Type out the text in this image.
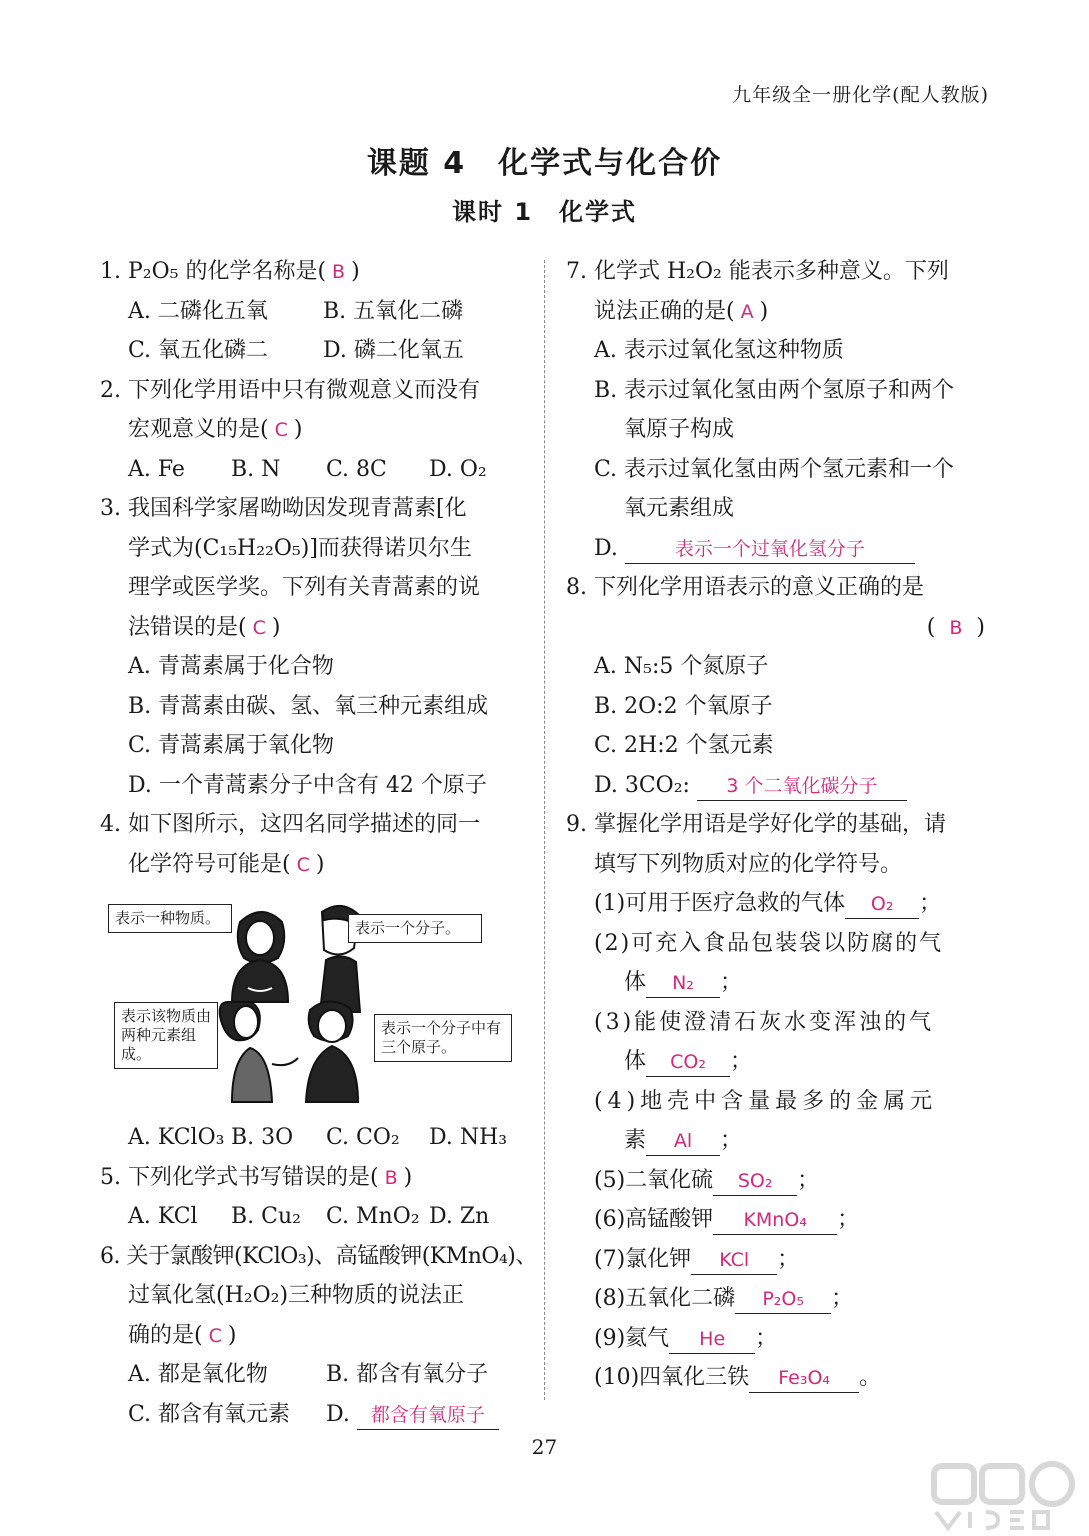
九年级全一册化学(配人教版)
课题 4　化学式与化合价
课时 1　化学式
1. P₂O₅ 的化学名称是( B )
A. 二磷化五氧	B. 五氧化二磷
C. 氧五化磷二 D. 磷二化氧五
2. 下列化学用语中只有微观意义而没有
宏观意义的是( C )
A. Fe B. N C. 8C D. O₂
3. 我国科学家屠呦呦因发现青蒿素[化
学式为(C₁₅H₂₂O₅)]而获得诺贝尔生
理学或医学奖。下列有关青蒿素的说
法错误的是( C )
A. 青蒿素属于化合物
B. 青蒿素由碳、氢、氧三种元素组成
C. 青蒿素属于氧化物
D. 一个青蒿素分子中含有 42 个原子
4. 如下图所示，这四名同学描述的同一
化学符号可能是( C )
表示一种物质。
表示一个分子。
表示该物质由两种元素组成。
表示一个分子中有三个原子。
A. KClO₃ B. 3O C. CO₂ D. NH₃
5. 下列化学式书写错误的是( B )
A. KCl B. Cu₂ C. MnO₂ D. Zn
6. 关于氯酸钾(KClO₃)、高锰酸钾(KMnO₄)、
过氧化氢(H₂O₂)三种物质的说法正
确的是( C )
A. 都是氧化物	B. 都含有氧分子
C. 都含有氧元素 D. 都含有氧原子
7. 化学式 H₂O₂ 能表示多种意义。下列
说法正确的是( A )
A. 表示过氧化氢这种物质
B. 表示过氧化氢由两个氢原子和两个
氧原子构成
C. 表示过氧化氢由两个氢元素和一个
氧元素组成
D.	表示一个过氧化氢分子
8. 下列化学用语表示的意义正确的是
( B )
A. N₅:5 个氮原子
B. 2O:2 个氧原子
C. 2H:2 个氢元素
D. 3CO₂: 3 个二氧化碳分子
9. 掌握化学用语是学好化学的基础，请
填写下列物质对应的化学符号。
(1)可用于医疗急救的气体 O₂ ；
(2)可充入食品包装袋以防腐的气
体 N₂ ；
(3)能使澄清石灰水变浑浊的气
体 CO₂ ；
(4)地壳中含量最多的金属元
素 Al ；
(5)二氧化硫 SO₂ ；
(6)高锰酸钾 KMnO₄ ；
(7)氯化钾 KCl ；
(8)五氧化二磷 P₂O₅ ；
(9)氦气 He ；
(10)四氧化三铁 Fe₃O₄ 。
27
